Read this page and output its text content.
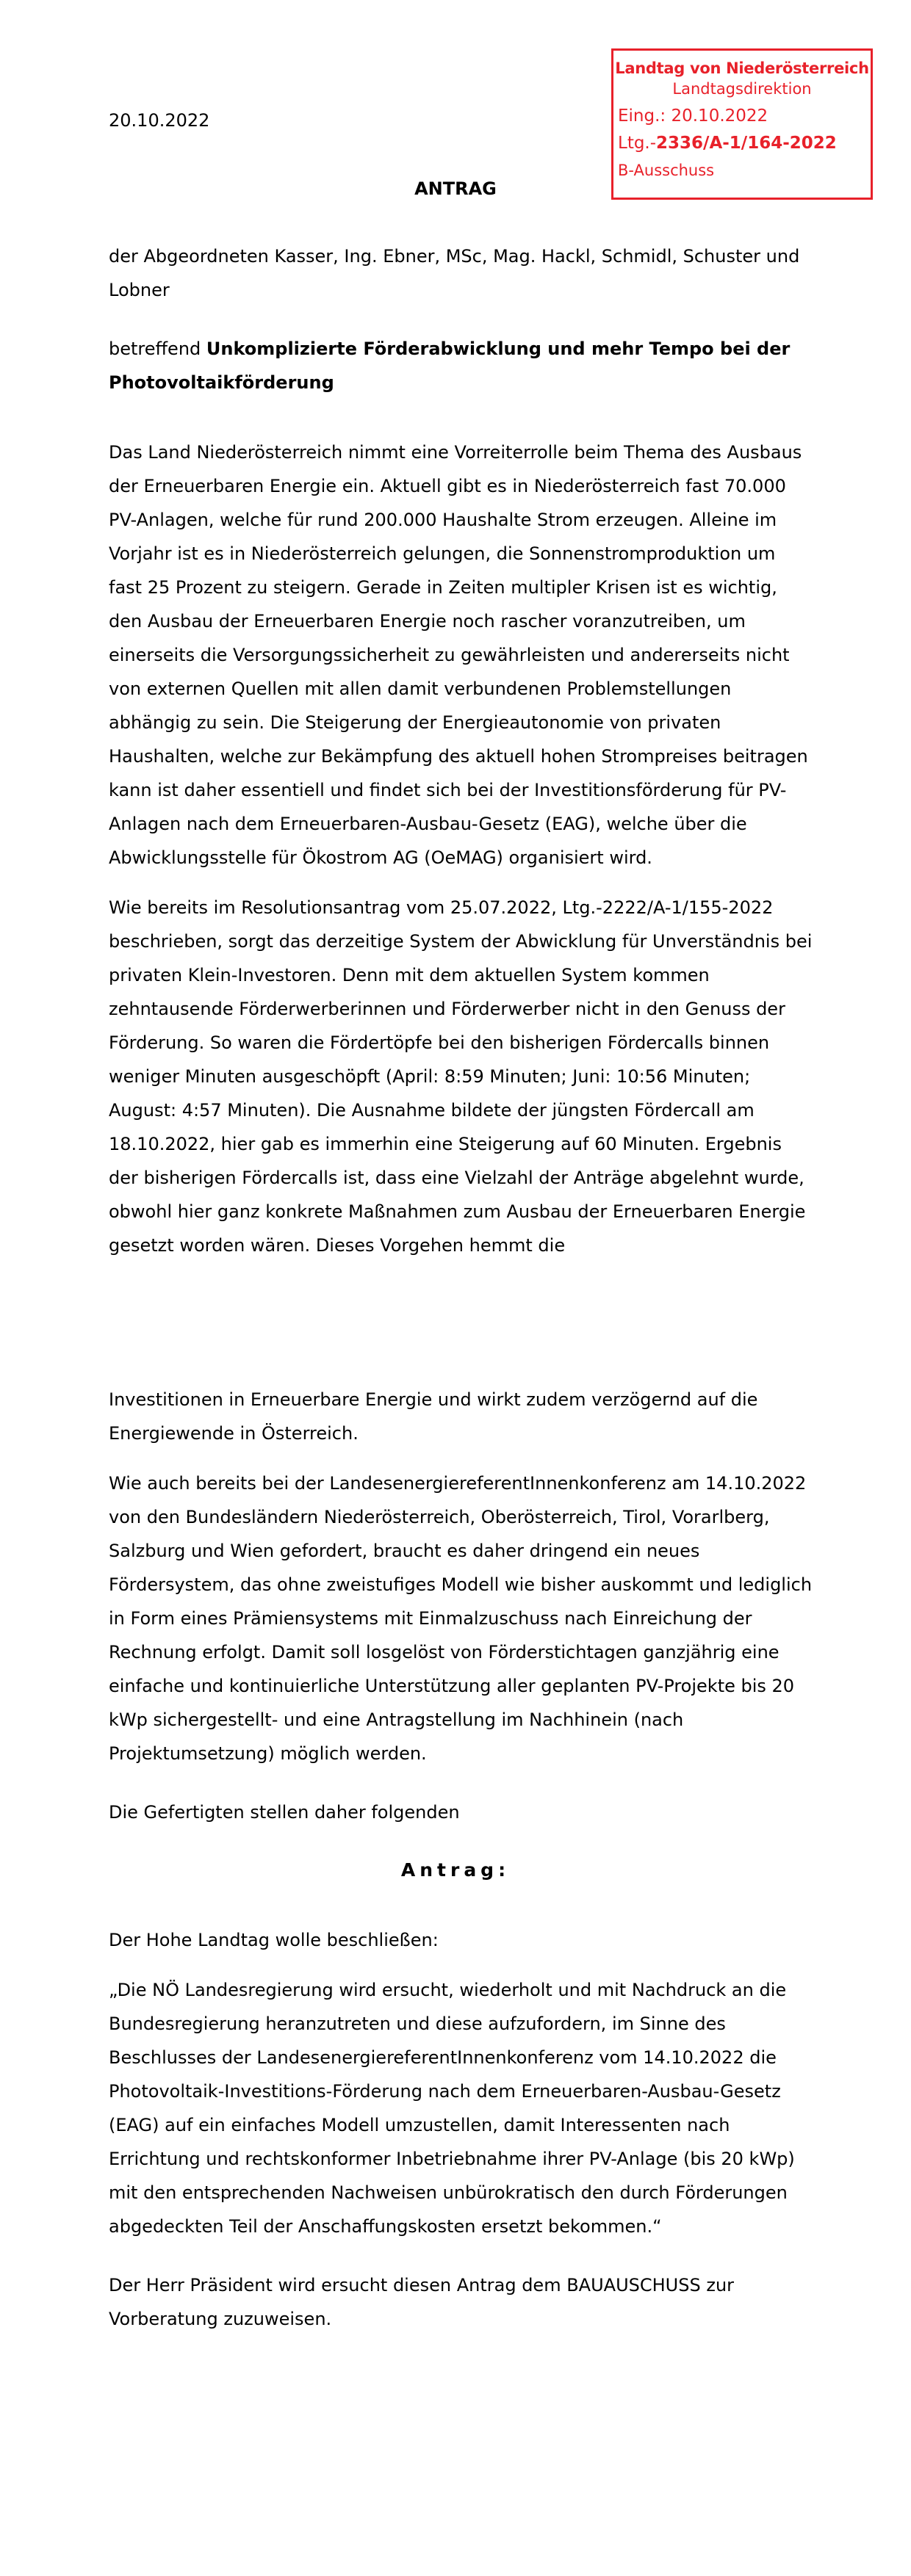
Landtag von Niederösterreich
Landtagsdirektion
Eing.: 20.10.2022
Ltg.-2336/A-1/164-2022
B-Ausschuss
20.10.2022
ANTRAG

der Abgeordneten Kasser, Ing. Ebner, MSc, Mag. Hackl, Schmidl, Schuster und Lobner

betreffend Unkomplizierte Förderabwicklung und mehr Tempo bei der Photovoltaikförderung

Das Land Niederösterreich nimmt eine Vorreiterrolle beim Thema des Ausbaus der Erneuerbaren Energie ein. Aktuell gibt es in Niederösterreich fast 70.000 PV-Anlagen, welche für rund 200.000 Haushalte Strom erzeugen. Alleine im Vorjahr ist es in Niederösterreich gelungen, die Sonnenstromproduktion um fast 25 Prozent zu steigern. Gerade in Zeiten multipler Krisen ist es wichtig, den Ausbau der Erneuerbaren Energie noch rascher voranzutreiben, um einerseits die Versorgungssicherheit zu gewährleisten und andererseits nicht von externen Quellen mit allen damit verbundenen Problemstellungen abhängig zu sein. Die Steigerung der Energieautonomie von privaten Haushalten, welche zur Bekämpfung des aktuell hohen Strompreises beitragen kann ist daher essentiell und findet sich bei der Investitionsförderung für PV-Anlagen nach dem Erneuerbaren-Ausbau-Gesetz (EAG), welche über die Abwicklungsstelle für Ökostrom AG (OeMAG) organisiert wird.

Wie bereits im Resolutionsantrag vom 25.07.2022, Ltg.-2222/A-1/155-2022 beschrieben, sorgt das derzeitige System der Abwicklung für Unverständnis bei privaten Klein-Investoren. Denn mit dem aktuellen System kommen zehntausende Förderwerberinnen und Förderwerber nicht in den Genuss der Förderung. So waren die Fördertöpfe bei den bisherigen Fördercalls binnen weniger Minuten ausgeschöpft (April: 8:59 Minuten; Juni: 10:56 Minuten; August: 4:57 Minuten). Die Ausnahme bildete der jüngsten Fördercall am 18.10.2022, hier gab es immerhin eine Steigerung auf 60 Minuten. Ergebnis der bisherigen Fördercalls ist, dass eine Vielzahl der Anträge abgelehnt wurde, obwohl hier ganz konkrete Maßnahmen zum Ausbau der Erneuerbaren Energie gesetzt worden wären. Dieses Vorgehen hemmt die

Investitionen in Erneuerbare Energie und wirkt zudem verzögernd auf die Energiewende in Österreich.

Wie auch bereits bei der LandesenergiereferentInnenkonferenz am 14.10.2022 von den Bundesländern Niederösterreich, Oberösterreich, Tirol, Vorarlberg, Salzburg und Wien gefordert, braucht es daher dringend ein neues Fördersystem, das ohne zweistufiges Modell wie bisher auskommt und lediglich in Form eines Prämiensystems mit Einmalzuschuss nach Einreichung der Rechnung erfolgt. Damit soll losgelöst von Förderstichtagen ganzjährig eine einfache und kontinuierliche Unterstützung aller geplanten PV-Projekte bis 20 kWp sichergestellt- und eine Antragstellung im Nachhinein (nach Projektumsetzung) möglich werden.

Die Gefertigten stellen daher folgenden

Antrag:

Der Hohe Landtag wolle beschließen:

„Die NÖ Landesregierung wird ersucht, wiederholt und mit Nachdruck an die Bundesregierung heranzutreten und diese aufzufordern, im Sinne des Beschlusses der LandesenergiereferentInnenkonferenz vom 14.10.2022 die Photovoltaik-Investitions-Förderung nach dem Erneuerbaren-Ausbau-Gesetz (EAG) auf ein einfaches Modell umzustellen, damit Interessenten nach Errichtung und rechtskonformer Inbetriebnahme ihrer PV-Anlage (bis 20 kWp) mit den entsprechenden Nachweisen unbürokratisch den durch Förderungen abgedeckten Teil der Anschaffungskosten ersetzt bekommen.“

Der Herr Präsident wird ersucht diesen Antrag dem BAUAUSCHUSS zur Vorberatung zuzuweisen.
